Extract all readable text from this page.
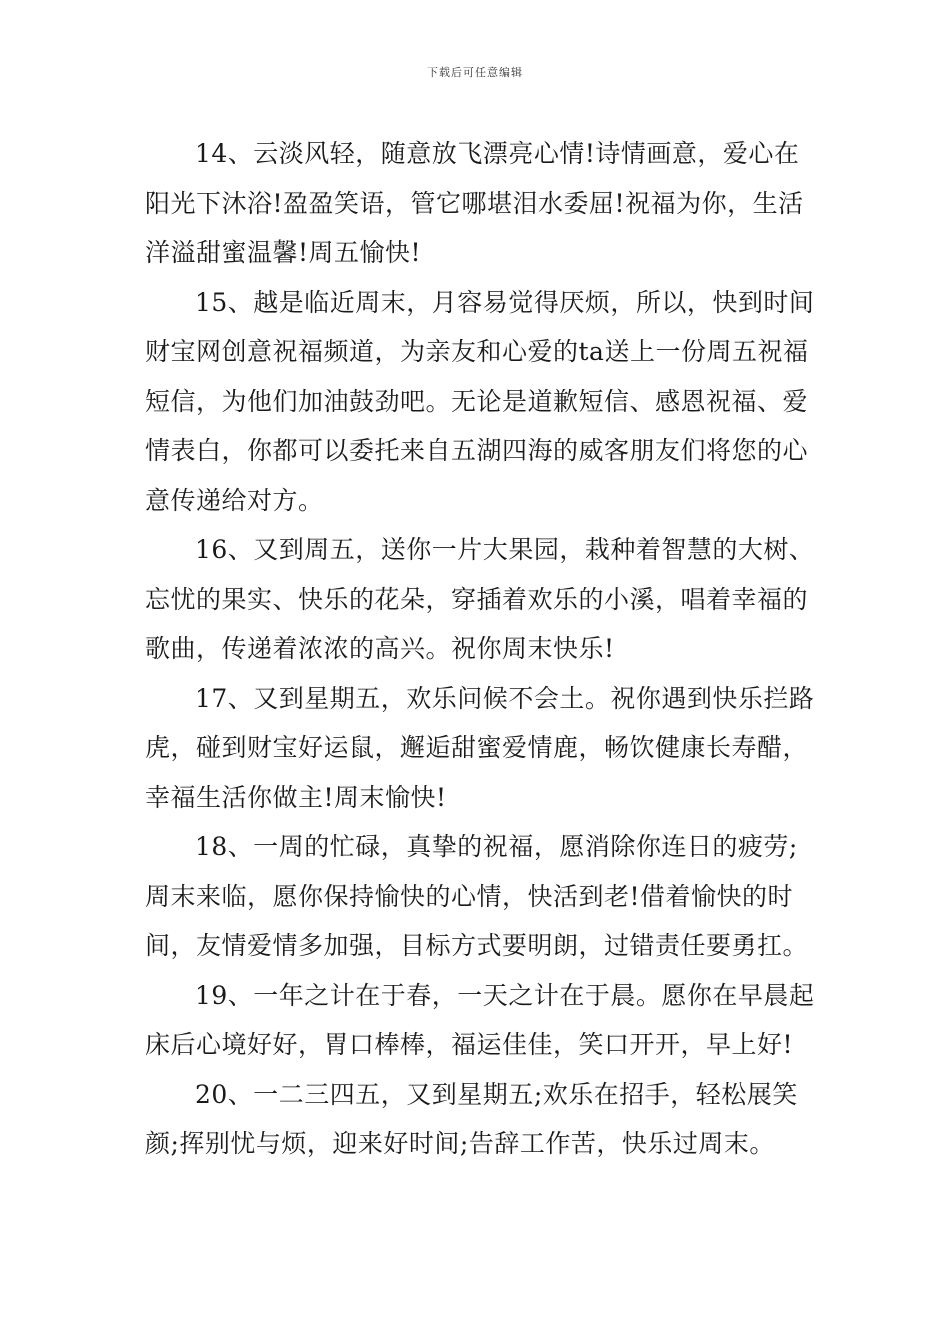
下载后可任意编辑

14、云淡风轻，随意放飞漂亮心情!诗情画意，爱心在阳光下沐浴!盈盈笑语，管它哪堪泪水委屈!祝福为你，生活洋溢甜蜜温馨!周五愉快!

15、越是临近周末，月容易觉得厌烦，所以，快到时间财宝网创意祝福频道，为亲友和心爱的ta送上一份周五祝福短信，为他们加油鼓劲吧。无论是道歉短信、感恩祝福、爱情表白，你都可以委托来自五湖四海的威客朋友们将您的心意传递给对方。

16、又到周五，送你一片大果园，栽种着智慧的大树、忘忧的果实、快乐的花朵，穿插着欢乐的小溪，唱着幸福的歌曲，传递着浓浓的高兴。祝你周末快乐!

17、又到星期五，欢乐问候不会土。祝你遇到快乐拦路虎，碰到财宝好运鼠，邂逅甜蜜爱情鹿，畅饮健康长寿醋，幸福生活你做主!周末愉快!

18、一周的忙碌，真挚的祝福，愿消除你连日的疲劳;周末来临，愿你保持愉快的心情，快活到老!借着愉快的时间，友情爱情多加强，目标方式要明朗，过错责任要勇扛。

19、一年之计在于春，一天之计在于晨。愿你在早晨起床后心境好好，胃口棒棒，福运佳佳，笑口开开，早上好!

20、一二三四五，又到星期五;欢乐在招手，轻松展笑颜;挥别忧与烦，迎来好时间;告辞工作苦，快乐过周末。
